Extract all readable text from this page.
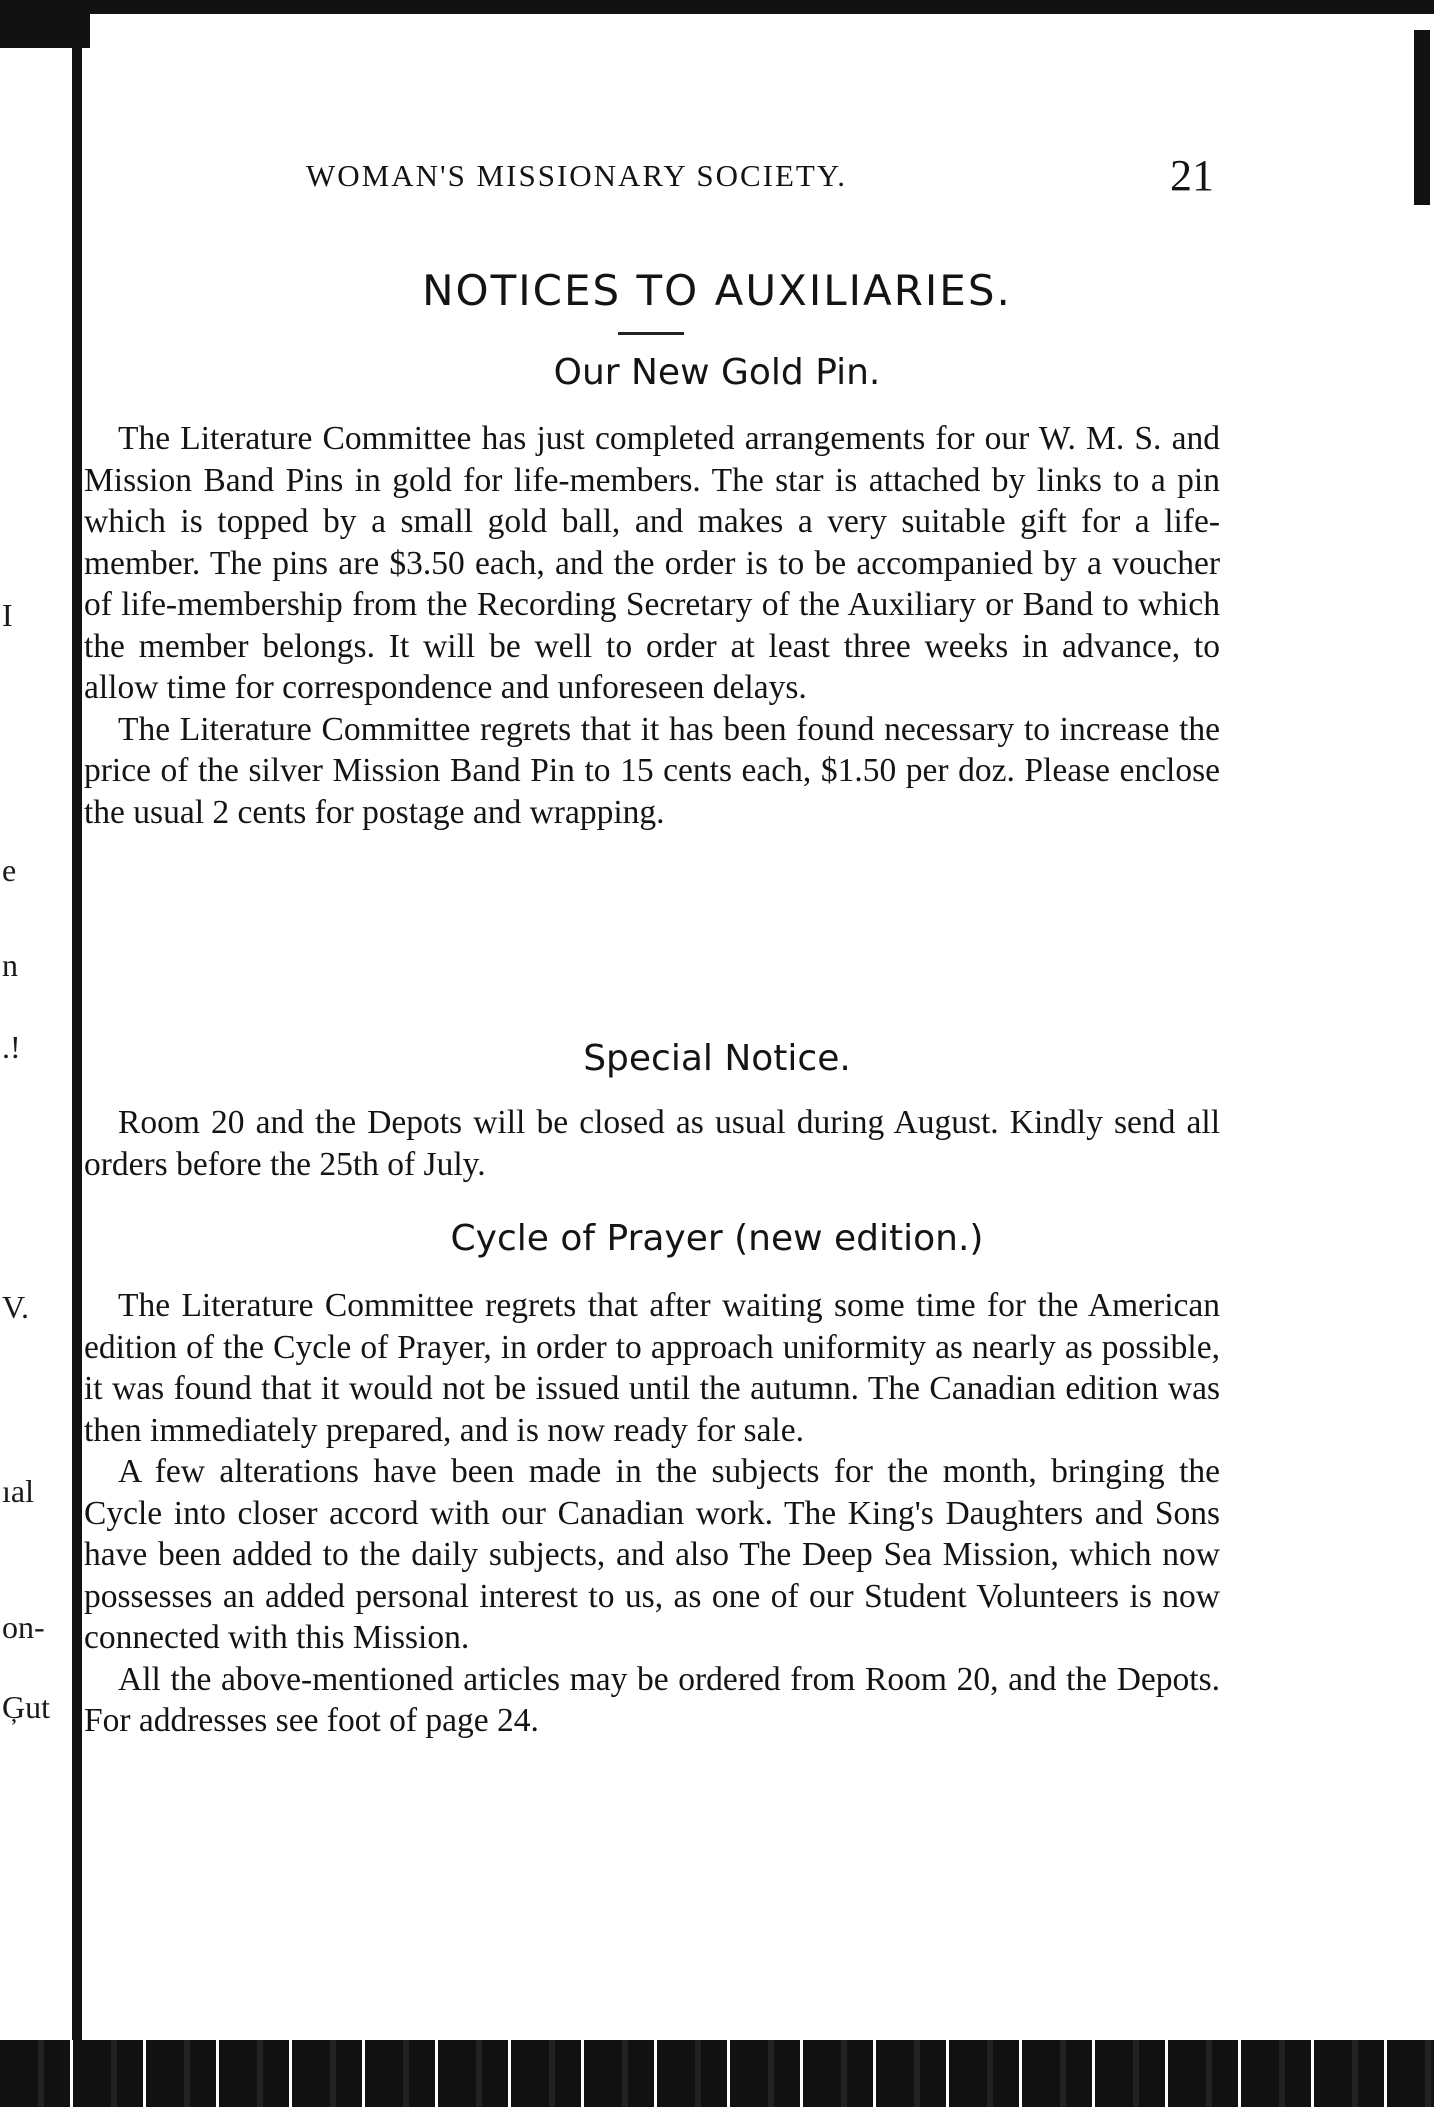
I
e
n
.!
V.
ıal
on-
Ģut
WOMAN'S MISSIONARY SOCIETY.	21
NOTICES TO AUXILIARIES.
Our New Gold Pin.

The Literature Committee has just completed arrangements for our W. M. S. and Mission Band Pins in gold for life-members. The star is attached by links to a pin which is topped by a small gold ball, and makes a very suitable gift for a life-member. The pins are $3.50 each, and the order is to be accompanied by a voucher of life-membership from the Recording Secretary of the Auxiliary or Band to which the member belongs. It will be well to order at least three weeks in advance, to allow time for correspondence and unforeseen delays.

The Literature Committee regrets that it has been found necessary to increase the price of the silver Mission Band Pin to 15 cents each, $1.50 per doz. Please enclose the usual 2 cents for postage and wrapping.

Special Notice.

Room 20 and the Depots will be closed as usual during August. Kindly send all orders before the 25th of July.

Cycle of Prayer (new edition.)

The Literature Committee regrets that after waiting some time for the American edition of the Cycle of Prayer, in order to approach uniformity as nearly as possible, it was found that it would not be issued until the autumn. The Canadian edition was then immediately prepared, and is now ready for sale.

A few alterations have been made in the subjects for the month, bringing the Cycle into closer accord with our Canadian work. The King's Daughters and Sons have been added to the daily subjects, and also The Deep Sea Mission, which now possesses an added personal interest to us, as one of our Student Volunteers is now connected with this Mission.

All the above-mentioned articles may be ordered from Room 20, and the Depots. For addresses see foot of page 24.
